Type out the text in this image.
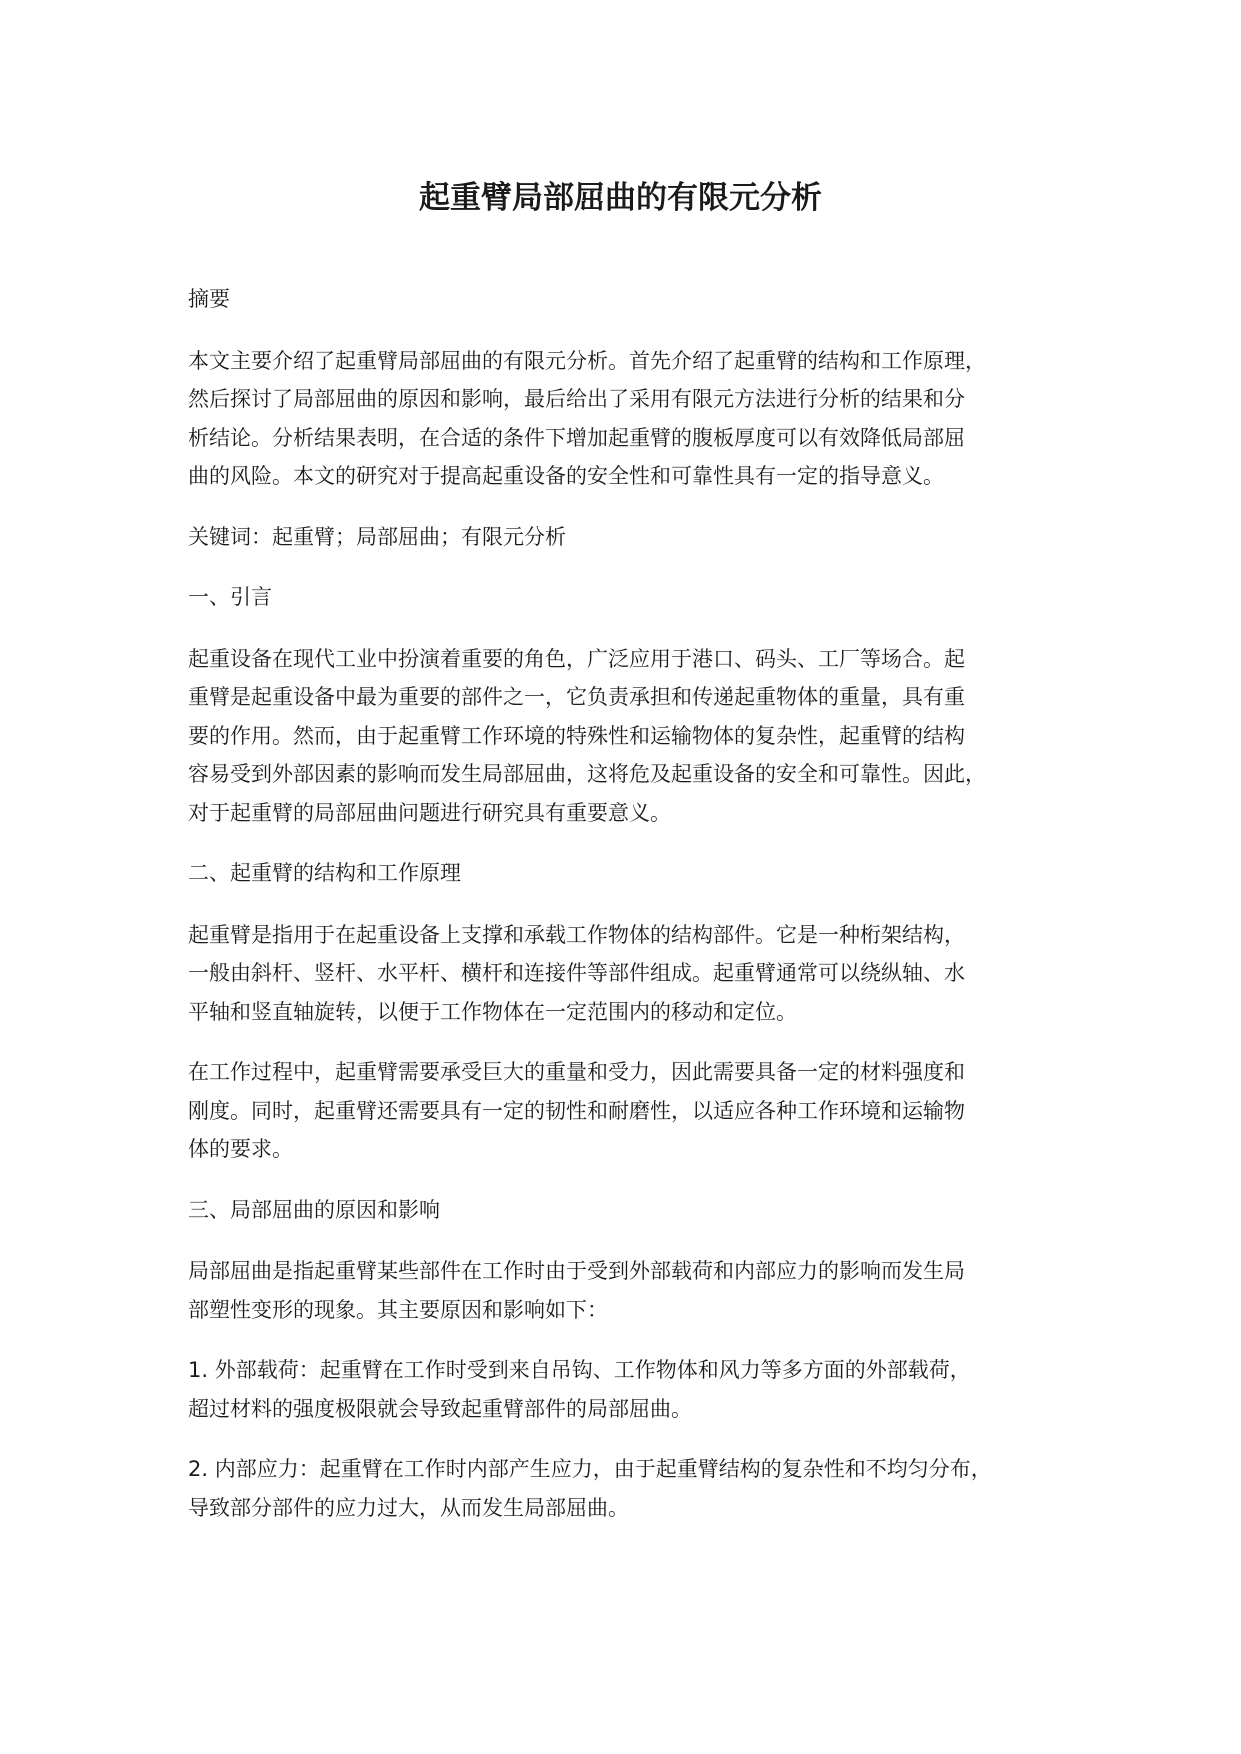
起重臂局部屈曲的有限元分析

摘要

本文主要介绍了起重臂局部屈曲的有限元分析。首先介绍了起重臂的结构和工作原理，
然后探讨了局部屈曲的原因和影响，最后给出了采用有限元方法进行分析的结果和分
析结论。分析结果表明，在合适的条件下增加起重臂的腹板厚度可以有效降低局部屈
曲的风险。本文的研究对于提高起重设备的安全性和可靠性具有一定的指导意义。

关键词：起重臂；局部屈曲；有限元分析

一、引言

起重设备在现代工业中扮演着重要的角色，广泛应用于港口、码头、工厂等场合。起
重臂是起重设备中最为重要的部件之一，它负责承担和传递起重物体的重量，具有重
要的作用。然而，由于起重臂工作环境的特殊性和运输物体的复杂性，起重臂的结构
容易受到外部因素的影响而发生局部屈曲，这将危及起重设备的安全和可靠性。因此，
对于起重臂的局部屈曲问题进行研究具有重要意义。

二、起重臂的结构和工作原理

起重臂是指用于在起重设备上支撑和承载工作物体的结构部件。它是一种桁架结构，
一般由斜杆、竖杆、水平杆、横杆和连接件等部件组成。起重臂通常可以绕纵轴、水
平轴和竖直轴旋转，以便于工作物体在一定范围内的移动和定位。

在工作过程中，起重臂需要承受巨大的重量和受力，因此需要具备一定的材料强度和
刚度。同时，起重臂还需要具有一定的韧性和耐磨性，以适应各种工作环境和运输物
体的要求。

三、局部屈曲的原因和影响

局部屈曲是指起重臂某些部件在工作时由于受到外部载荷和内部应力的影响而发生局
部塑性变形的现象。其主要原因和影响如下：

1. 外部载荷：起重臂在工作时受到来自吊钩、工作物体和风力等多方面的外部载荷，
超过材料的强度极限就会导致起重臂部件的局部屈曲。

2. 内部应力：起重臂在工作时内部产生应力，由于起重臂结构的复杂性和不均匀分布，
导致部分部件的应力过大，从而发生局部屈曲。
